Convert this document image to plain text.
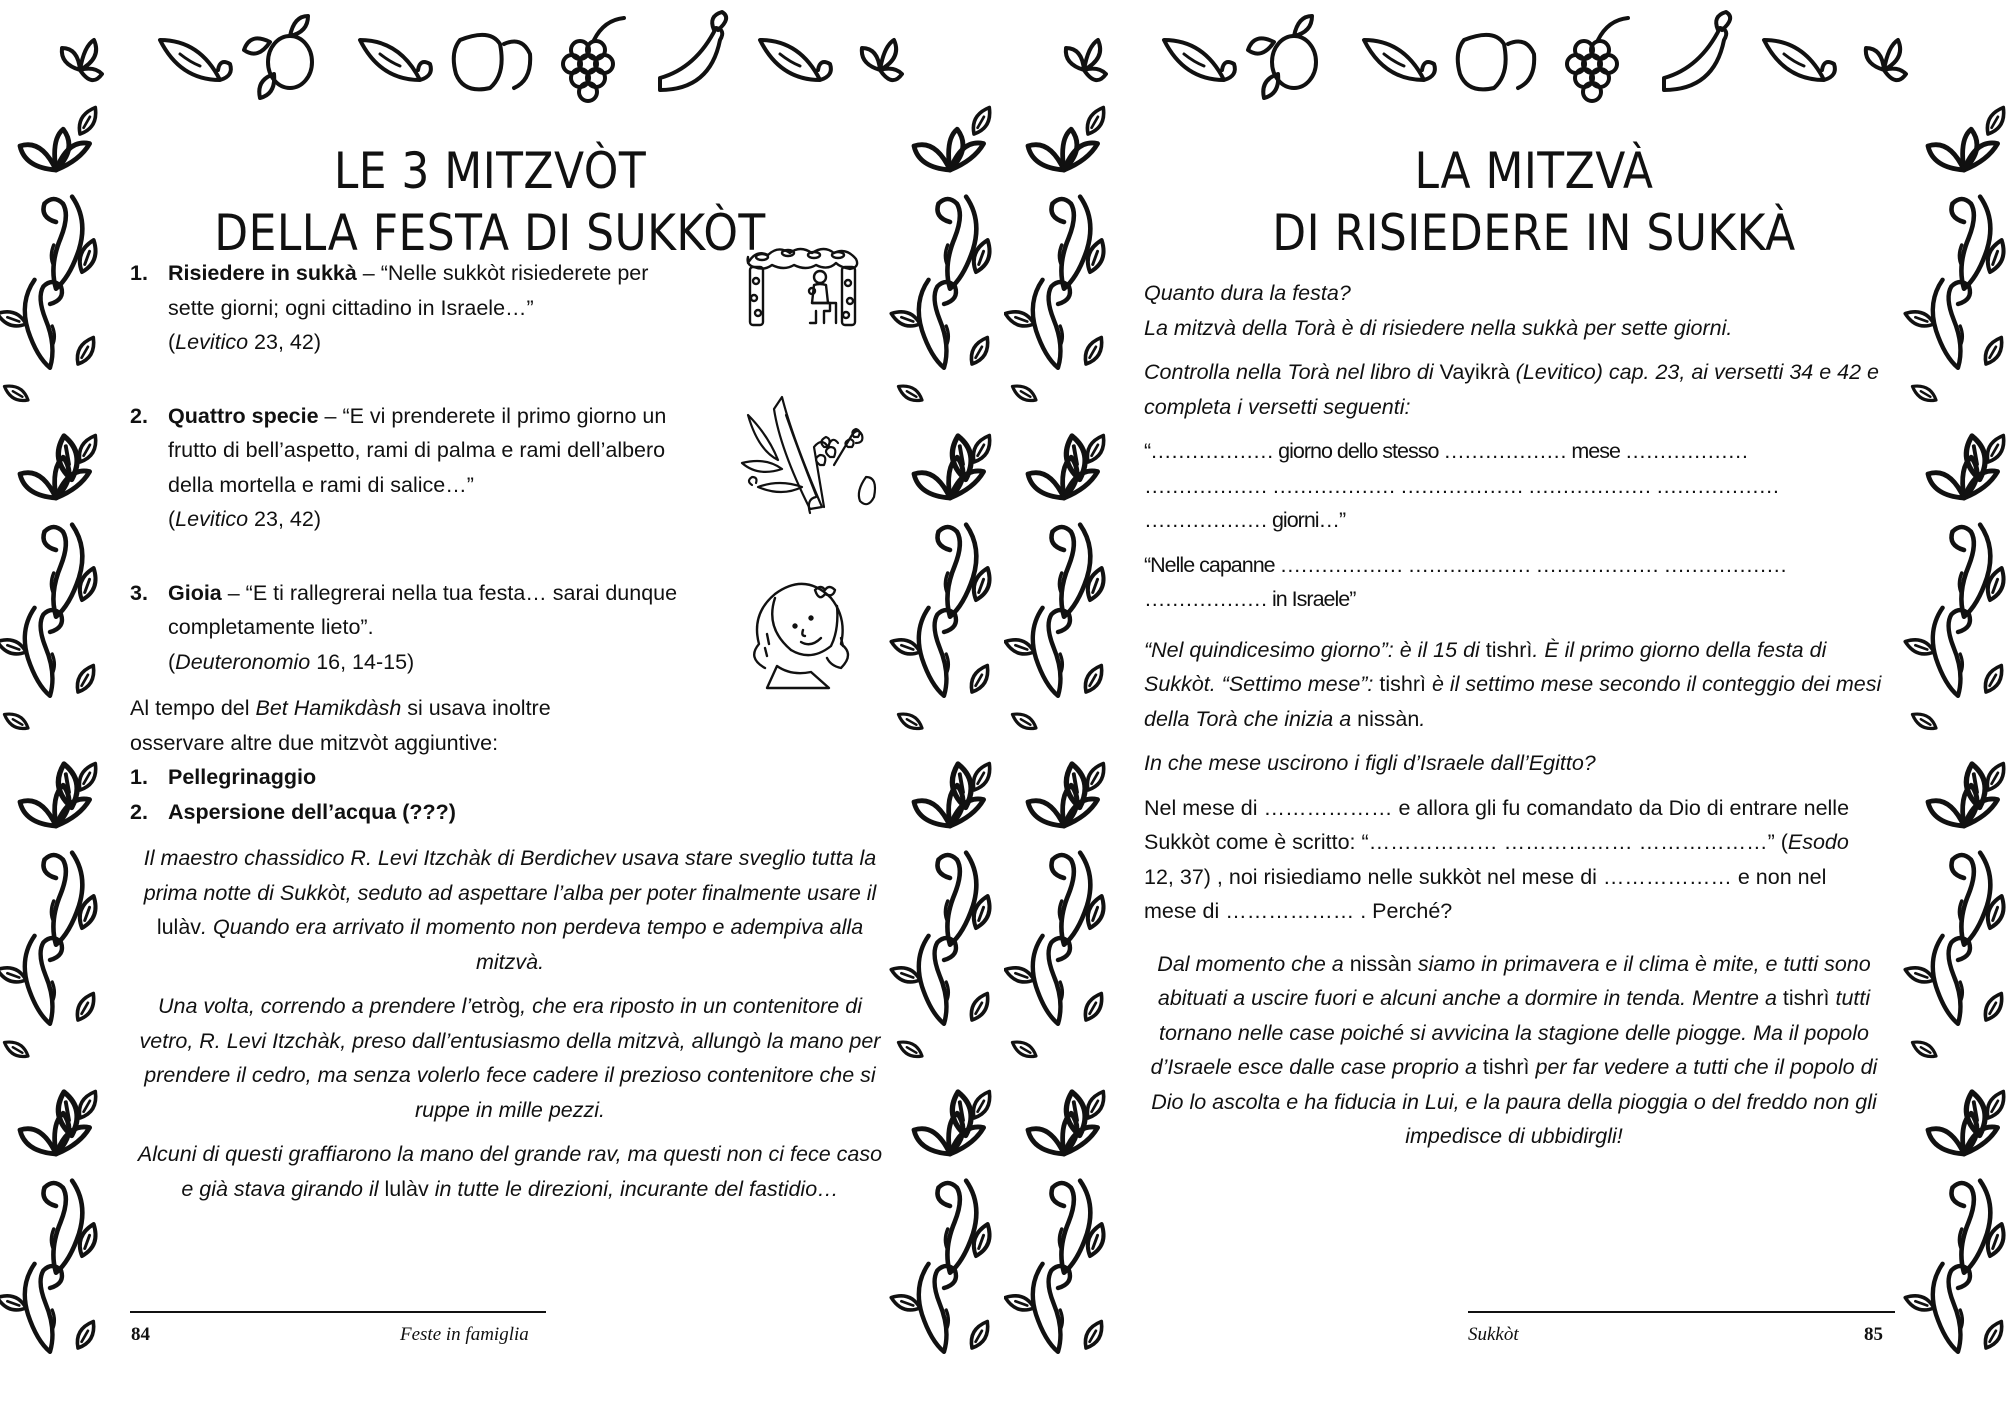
LE 3 MITZVÒT
DELLA FESTA DI SUKKÒT
1. Risiedere in sukkà – “Nelle sukkòt risiederete per sette giorni; ogni cittadino in Israele…”
(Levitico 23, 42)
2. Quattro specie – “E vi prenderete il primo giorno un frutto di bell’aspetto, rami di palma e rami dell’albero della mortella e rami di salice…”
(Levitico 23, 42)
3. Gioia – “E ti rallegrerai nella tua festa… sarai dunque completamente lieto”.
(Deuteronomio 16, 14-15)

Al tempo del Bet Hamikdàsh si usava inoltre osservare altre due mitzvòt aggiuntive:

1. Pellegrinaggio
2. Aspersione dell’acqua (???)

Il maestro chassidico R. Levi Itzchàk di Berdichev usava stare sveglio tutta la prima notte di Sukkòt, seduto ad aspettare l’alba per poter finalmente usare il lulàv. Quando era arrivato il momento non perdeva tempo e adempiva alla mitzvà.

Una volta, correndo a prendere l’etròg, che era riposto in un contenitore di vetro, R. Levi Itzchàk, preso dall’entusiasmo della mitzvà, allungò la mano per prendere il cedro, ma senza volerlo fece cadere il prezioso contenitore che si ruppe in mille pezzi.

Alcuni di questi graffiarono la mano del grande rav, ma questi non ci fece caso e già stava girando il lulàv in tutte le direzioni, incurante del fastidio…

84	Feste in famiglia
LA MITZVÀ
DI RISIEDERE IN SUKKÀ

Quanto dura la festa?

La mitzvà della Torà è di risiedere nella sukkà per sette giorni.

Controlla nella Torà nel libro di Vayikrà (Levitico) cap. 23, ai versetti 34 e 42 e completa i versetti seguenti:

“……………… giorno dello stesso ……………… mese ………………

……………… ……………… ……………… ……………… ………………

……………… giorni…”

“Nelle capanne ……………… ……………… ……………… ………………

……………… in Israele”

“Nel quindicesimo giorno”: è il 15 di tishrì. È il primo giorno della festa di Sukkòt. “Settimo mese”: tishrì è il settimo mese secondo il conteggio dei mesi della Torà che inizia a nissàn.

In che mese uscirono i figli d’Israele dall’Egitto?

Nel mese di ……………… e allora gli fu comandato da Dio di entrare nelle Sukkòt come è scritto: “……………… ……………… ………………” (Esodo 12, 37) , noi risiediamo nelle sukkòt nel mese di ……………… e non nel mese di ……………… . Perché?

Dal momento che a nissàn siamo in primavera e il clima è mite, e tutti sono abituati a uscire fuori e alcuni anche a dormire in tenda. Mentre a tishrì tutti tornano nelle case poiché si avvicina la stagione delle piogge. Ma il popolo d’Israele esce dalle case proprio a tishrì per far vedere a tutti che il popolo di Dio lo ascolta e ha fiducia in Lui, e la paura della pioggia o del freddo non gli impedisce di ubbidirgli!

Sukkòt	85
